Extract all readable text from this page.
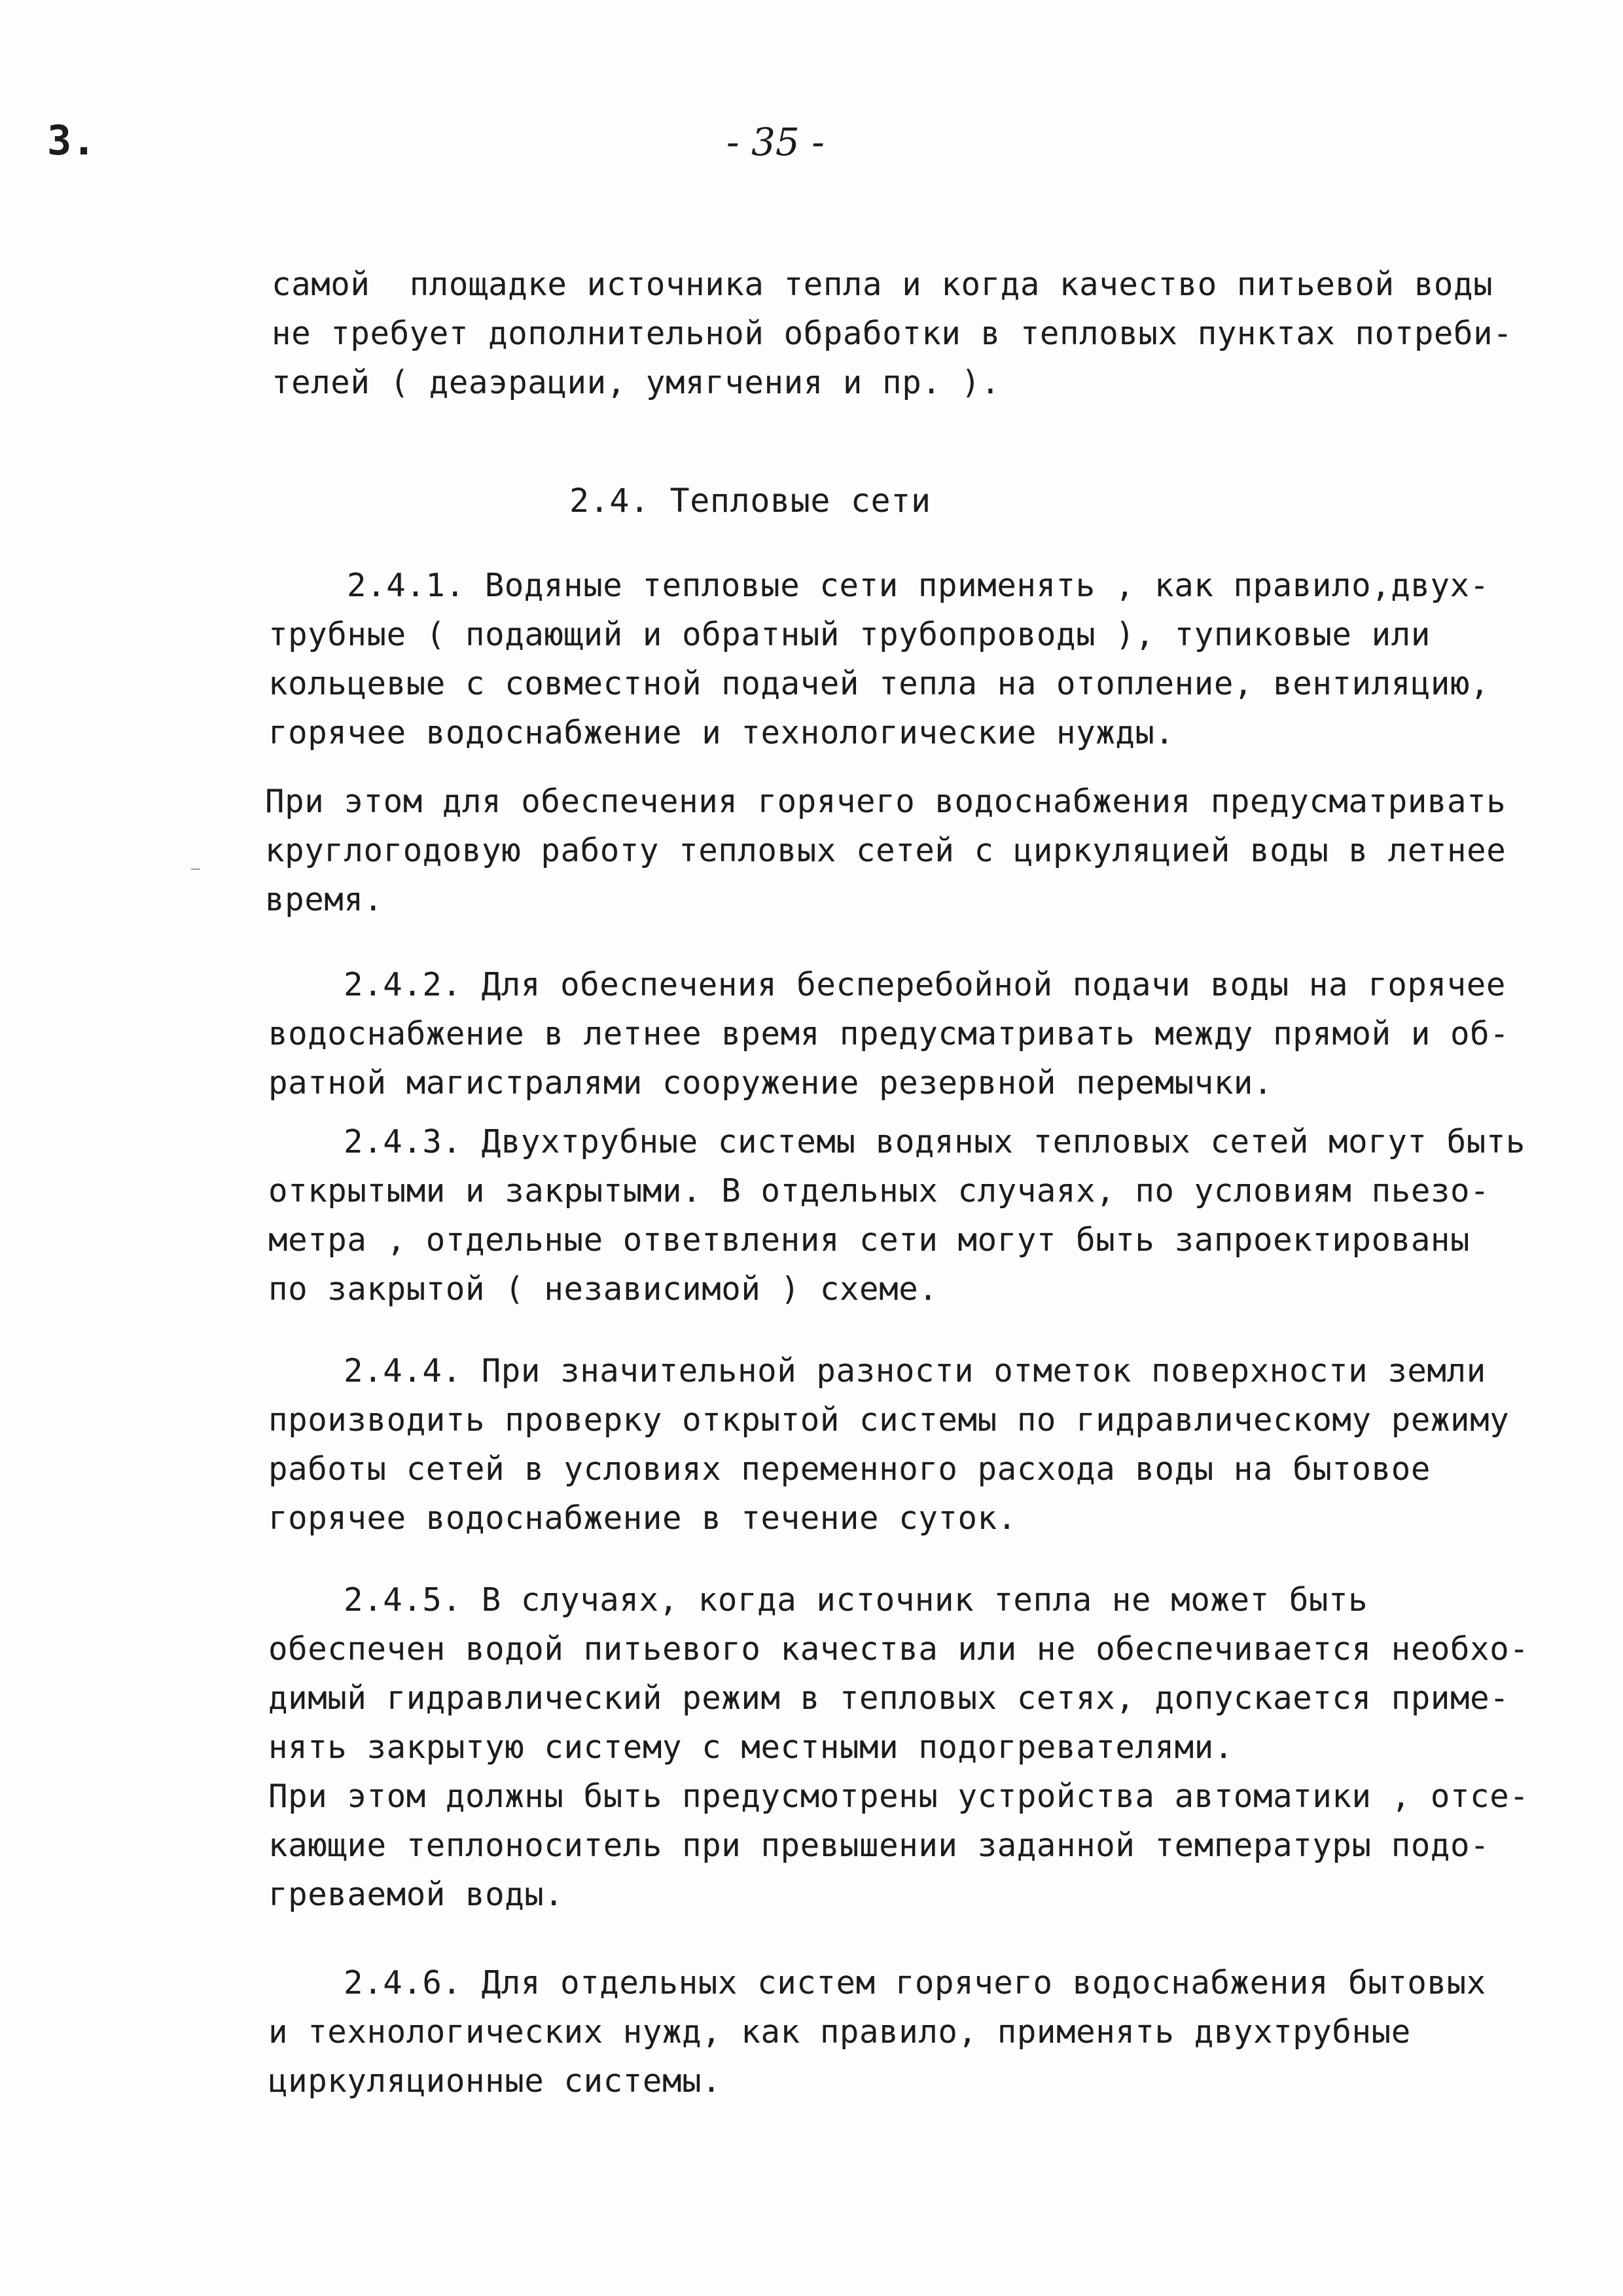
3.	- 35 -
самой  площадке источника тепла и когда качество питьевой воды
не требует дополнительной обработки в тепловых пунктах потреби-
телей ( деаэрации, умягчения и пр. ).
2.4. Тепловые сети
2.4.1. Водяные тепловые сети применять , как правило,двух-
трубные ( подающий и обратный трубопроводы ), тупиковые или
кольцевые с совместной подачей тепла на отопление, вентиляцию,
горячее водоснабжение и технологические нужды.
При этом для обеспечения горячего водоснабжения предусматривать
круглогодовую работу тепловых сетей с циркуляцией воды в летнее
время.
2.4.2. Для обеспечения бесперебойной подачи воды на горячее
водоснабжение в летнее время предусматривать между прямой и об-
ратной магистралями сооружение резервной перемычки.
2.4.3. Двухтрубные системы водяных тепловых сетей могут быть
открытыми и закрытыми. В отдельных случаях, по условиям пьезо-
метра , отдельные ответвления сети могут быть запроектированы
по закрытой ( независимой ) схеме.
2.4.4. При значительной разности отметок поверхности земли
производить проверку открытой системы по гидравлическому режиму
работы сетей в условиях переменного расхода воды на бытовое
горячее водоснабжение в течение суток.
2.4.5. В случаях, когда источник тепла не может быть
обеспечен водой питьевого качества или не обеспечивается необхо-
димый гидравлический режим в тепловых сетях, допускается приме-
нять закрытую систему с местными подогревателями.
При этом должны быть предусмотрены устройства автоматики , отсе-
кающие теплоноситель при превышении заданной температуры подо-
греваемой воды.
2.4.6. Для отдельных систем горячего водоснабжения бытовых
и технологических нужд, как правило, применять двухтрубные
циркуляционные системы.
